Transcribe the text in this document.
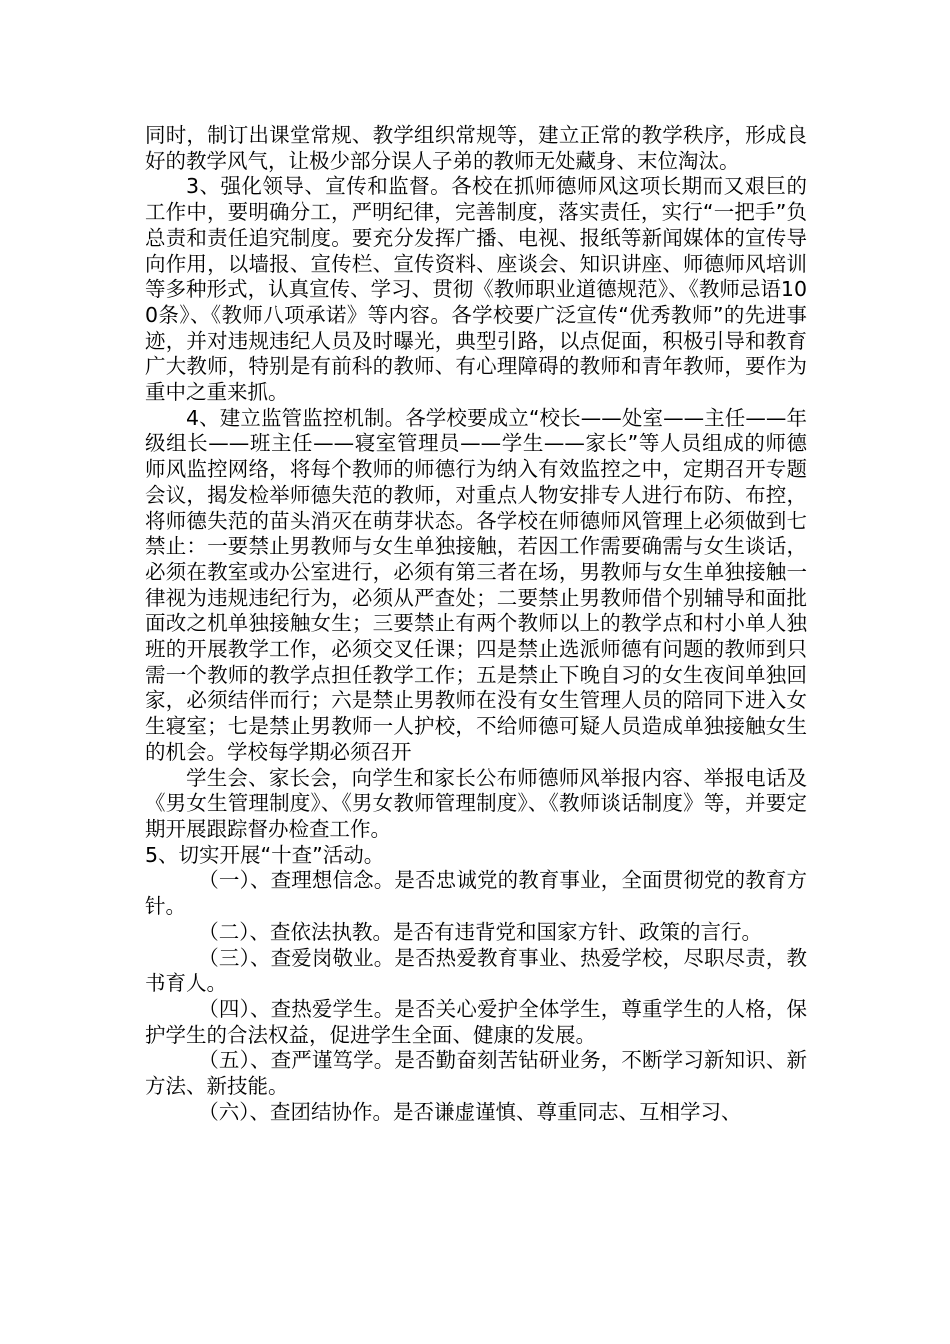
同时，制订出课堂常规、教学组织常规等，建立正常的教学秩序，形成良好的教学风气，让极少部分误人子弟的教师无处藏身、末位淘汰。

3、强化领导、宣传和监督。各校在抓师德师风这项长期而又艰巨的工作中，要明确分工，严明纪律，完善制度，落实责任，实行“一把手”负总责和责任追究制度。要充分发挥广播、电视、报纸等新闻媒体的宣传导向作用，以墙报、宣传栏、宣传资料、座谈会、知识讲座、师德师风培训等多种形式，认真宣传、学习、贯彻《教师职业道德规范》、《教师忌语100条》、《教师八项承诺》等内容。各学校要广泛宣传“优秀教师”的先进事迹，并对违规违纪人员及时曝光，典型引路，以点促面，积极引导和教育广大教师，特别是有前科的教师、有心理障碍的教师和青年教师，要作为重中之重来抓。

4、建立监管监控机制。各学校要成立“校长——处室——主任——年级组长——班主任——寝室管理员——学生——家长”等人员组成的师德师风监控网络，将每个教师的师德行为纳入有效监控之中，定期召开专题会议，揭发检举师德失范的教师，对重点人物安排专人进行布防、布控，将师德失范的苗头消灭在萌芽状态。各学校在师德师风管理上必须做到七禁止：一要禁止男教师与女生单独接触，若因工作需要确需与女生谈话，必须在教室或办公室进行，必须有第三者在场，男教师与女生单独接触一律视为违规违纪行为，必须从严查处；二要禁止男教师借个别辅导和面批面改之机单独接触女生；三要禁止有两个教师以上的教学点和村小单人独班的开展教学工作，必须交叉任课；四是禁止选派师德有问题的教师到只需一个教师的教学点担任教学工作；五是禁止下晚自习的女生夜间单独回家，必须结伴而行；六是禁止男教师在没有女生管理人员的陪同下进入女生寝室；七是禁止男教师一人护校，不给师德可疑人员造成单独接触女生的机会。学校每学期必须召开

学生会、家长会，向学生和家长公布师德师风举报内容、举报电话及《男女生管理制度》、《男女教师管理制度》、《教师谈话制度》等，并要定期开展跟踪督办检查工作。

5、切实开展“十查”活动。

（一）、查理想信念。是否忠诚党的教育事业，全面贯彻党的教育方针。

（二）、查依法执教。是否有违背党和国家方针、政策的言行。

（三）、查爱岗敬业。是否热爱教育事业、热爱学校，尽职尽责，教书育人。

（四）、查热爱学生。是否关心爱护全体学生，尊重学生的人格，保护学生的合法权益，促进学生全面、健康的发展。

（五）、查严谨笃学。是否勤奋刻苦钻研业务，不断学习新知识、新方法、新技能。

（六）、查团结协作。是否谦虚谨慎、尊重同志、互相学习、
